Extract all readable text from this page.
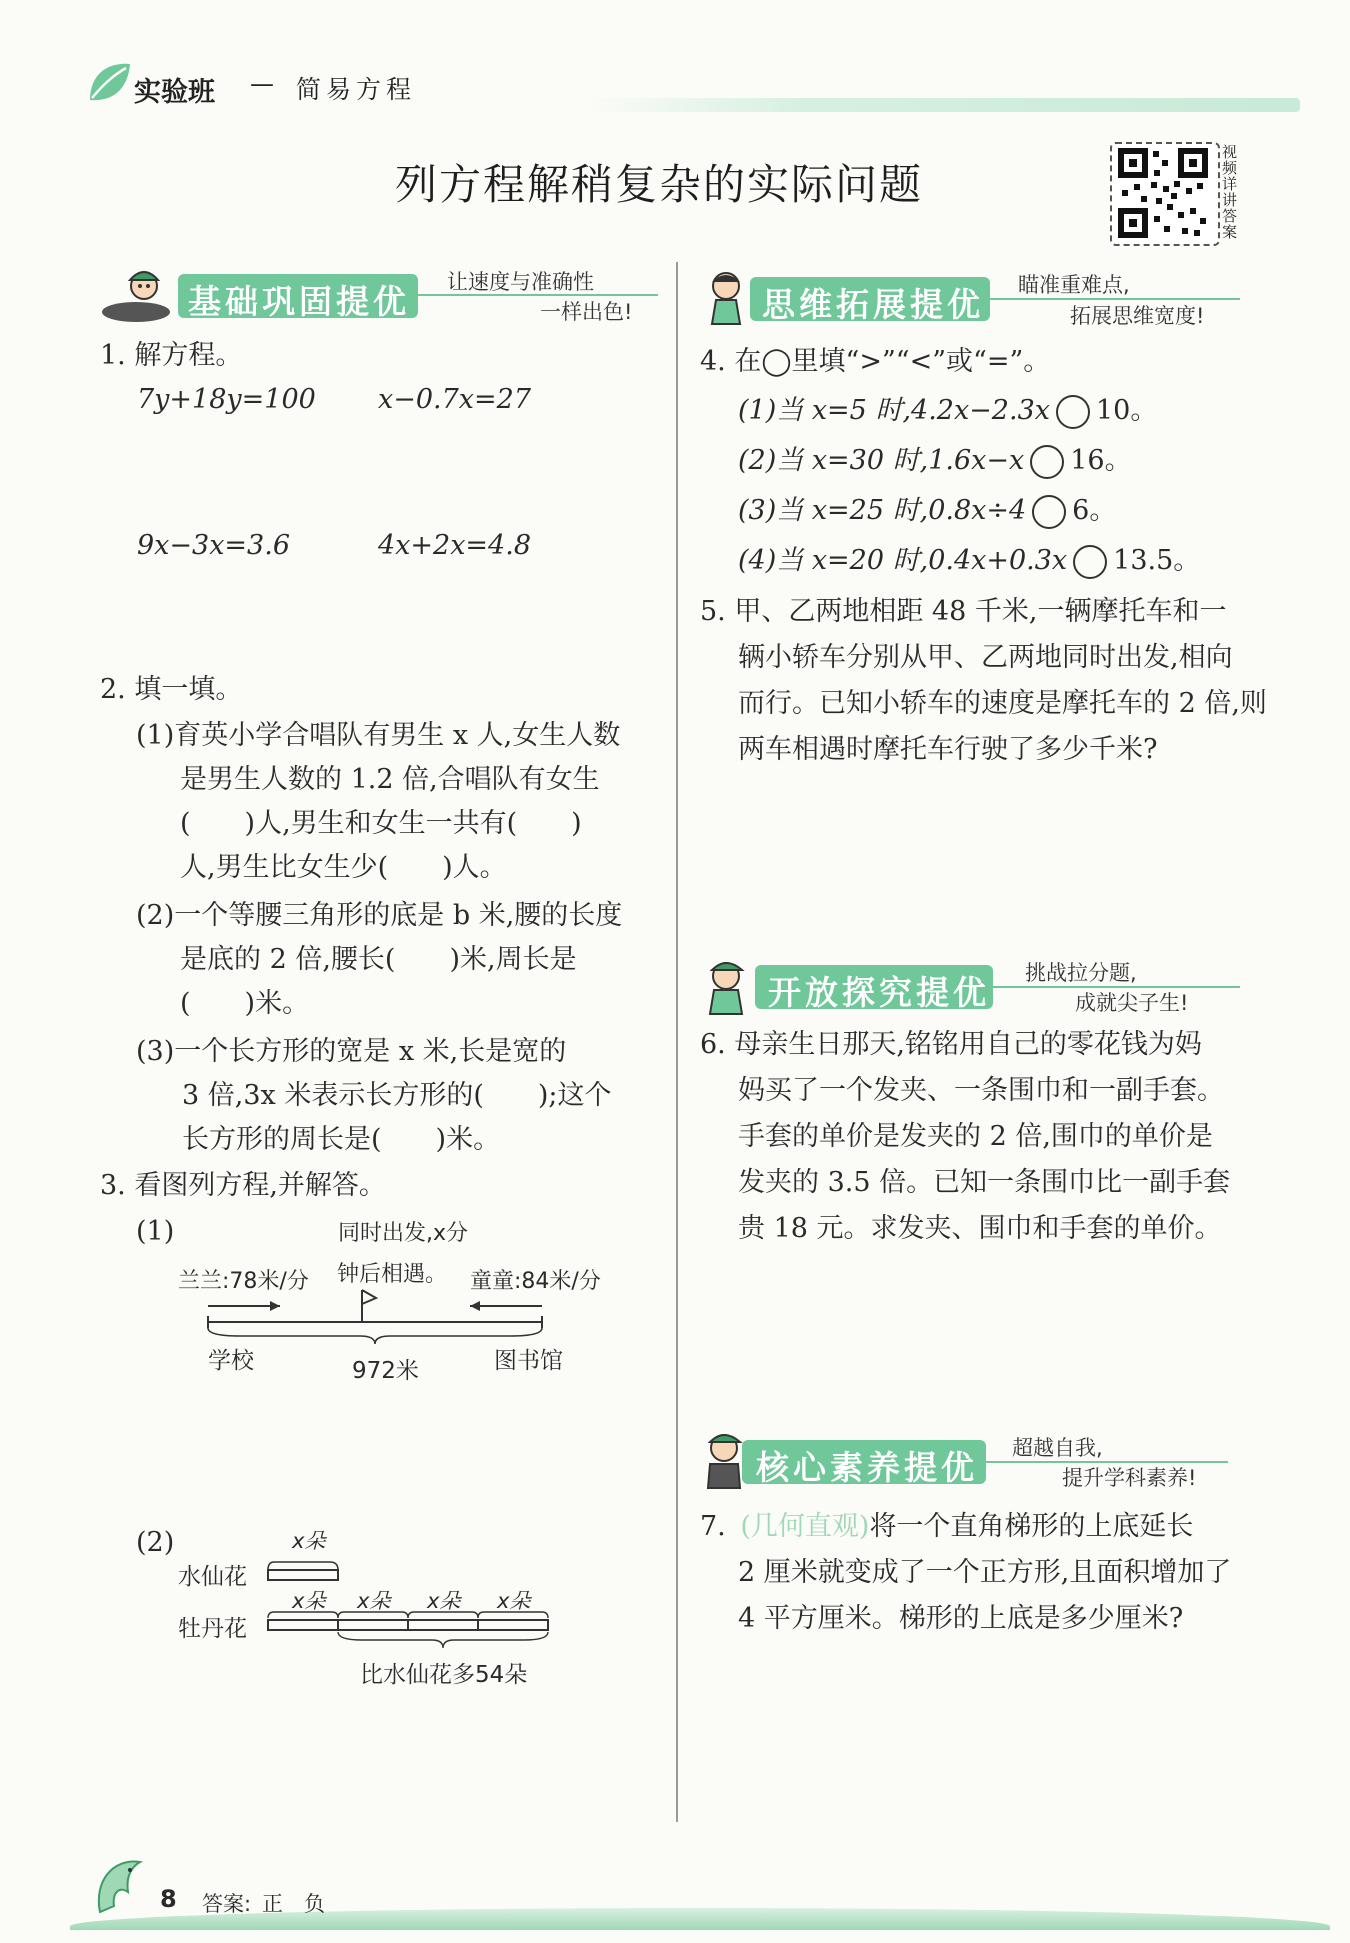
实验班 — 简易方程
列方程解稍复杂的实际问题
视频详讲答案
基础巩固提优 让速度与准确性
一样出色!
1. 解方程。
7y+18y=100 x−0.7x=27
9x−3x=3.6	4x+2x=4.8
2. 填一填。
(1)育英小学合唱队有男生 x 人,女生人数
是男生人数的 1.2 倍,合唱队有女生
(　　)人,男生和女生一共有(　　)
人,男生比女生少(　　)人。
(2)一个等腰三角形的底是 b 米,腰的长度
是底的 2 倍,腰长(　　)米,周长是
(　　)米。
(3)一个长方形的宽是 x 米,长是宽的
3 倍,3x 米表示长方形的(　　);这个
长方形的周长是(　　)米。
3. 看图列方程,并解答。
(1)	同时出发,x分
兰兰:78米/分 钟后相遇。 童童:84米/分
学校	972米	图书馆
(2)	x朵
水仙花
牡丹花
x朵 x朵 x朵 x朵
比水仙花多54朵
思维拓展提优 瞄准重难点,
拓展思维宽度!
4. 在◯里填“>”“<”或“=”。
(1)当 x=5 时,4.2x−2.3x 10。
(2)当 x=30 时,1.6x−x 16。
(3)当 x=25 时,0.8x÷4 6。
(4)当 x=20 时,0.4x+0.3x 13.5。
5. 甲、乙两地相距 48 千米,一辆摩托车和一
辆小轿车分别从甲、乙两地同时出发,相向
而行。已知小轿车的速度是摩托车的 2 倍,则
两车相遇时摩托车行驶了多少千米?
开放探究提优 挑战拉分题,
成就尖子生!
6. 母亲生日那天,铭铭用自己的零花钱为妈
妈买了一个发夹、一条围巾和一副手套。
手套的单价是发夹的 2 倍,围巾的单价是
发夹的 3.5 倍。已知一条围巾比一副手套
贵 18 元。求发夹、围巾和手套的单价。
核心素养提优 超越自我,
提升学科素养!
7. (几何直观)将一个直角梯形的上底延长
2 厘米就变成了一个正方形,且面积增加了
4 平方厘米。梯形的上底是多少厘米?
8 答案: 正　负
